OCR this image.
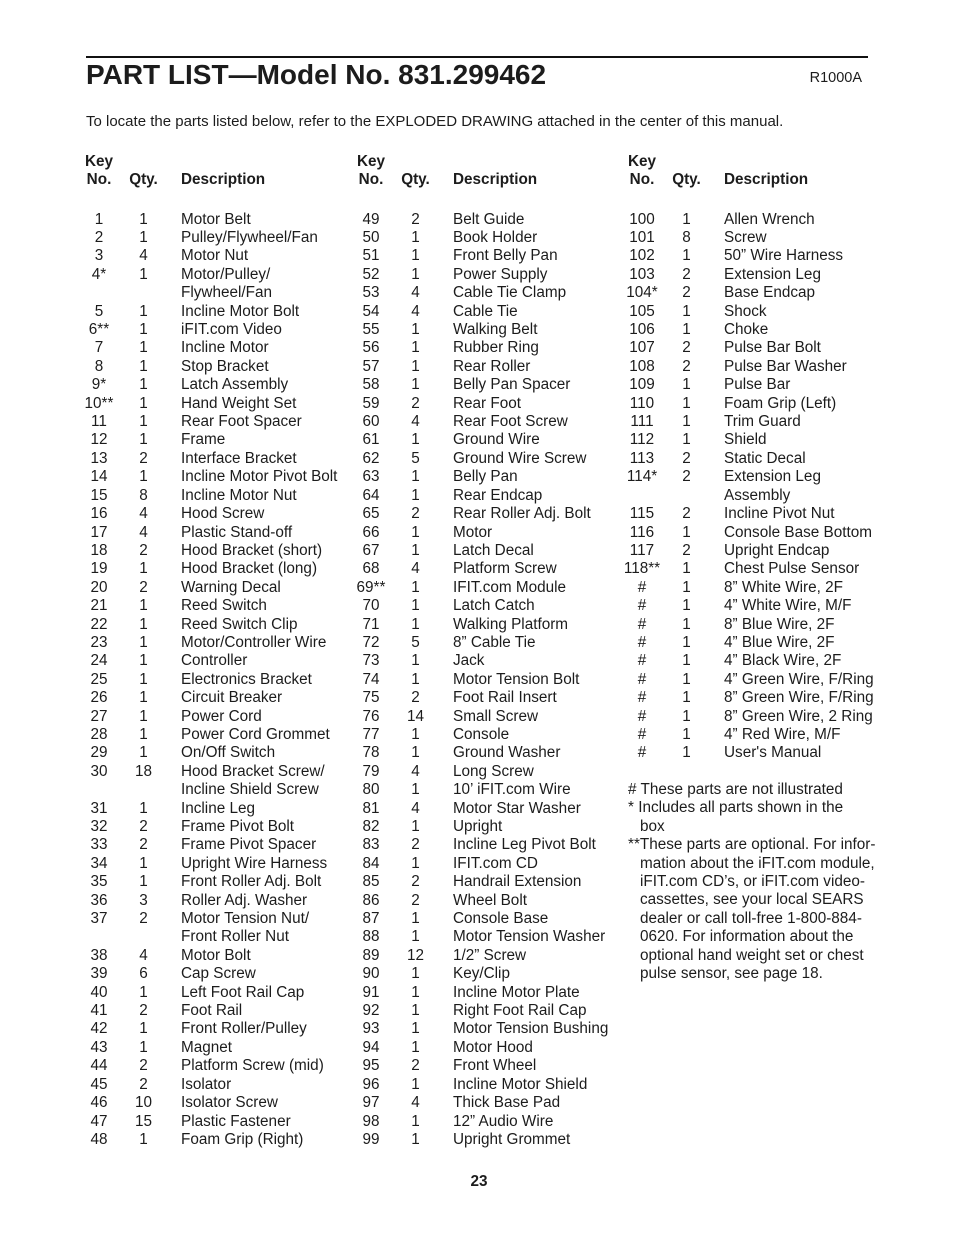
PART LIST—Model No. 831.299462	R1000A
To locate the parts listed below, refer to the EXPLODED DRAWING attached in the center of this manual.
Key
No.	Qty. Description
Key
No.	Qty. Description
Key
No.	Qty. Description
1	1	Motor Belt
2	1	Pulley/Flywheel/Fan
3	4	Motor Nut
4*	1	Motor/Pulley/
Flywheel/Fan
5	1	Incline Motor Bolt
6**	1	iFIT.com Video
7	1	Incline Motor
8	1	Stop Bracket
9*	1	Latch Assembly
10**	1	Hand Weight Set
11	1	Rear Foot Spacer
12	1	Frame
13	2	Interface Bracket
14	1	Incline Motor Pivot Bolt
15	8	Incline Motor Nut
16	4	Hood Screw
17	4	Plastic Stand-off
18	2	Hood Bracket (short)
19	1	Hood Bracket (long)
20	2	Warning Decal
21	1	Reed Switch
22	1	Reed Switch Clip
23	1	Motor/Controller Wire
24	1	Controller
25	1	Electronics Bracket
26	1	Circuit Breaker
27	1	Power Cord
28	1	Power Cord Grommet
29	1	On/Off Switch
30	18	Hood Bracket Screw/
Incline Shield Screw
31	1	Incline Leg
32	2	Frame Pivot Bolt
33	2	Frame Pivot Spacer
34	1	Upright Wire Harness
35	1	Front Roller Adj. Bolt
36	3	Roller Adj. Washer
37	2	Motor Tension Nut/
Front Roller Nut
38	4	Motor Bolt
39	6	Cap Screw
40	1	Left Foot Rail Cap
41	2	Foot Rail
42	1	Front Roller/Pulley
43	1	Magnet
44	2	Platform Screw (mid)
45	2	Isolator
46	10	Isolator Screw
47	15	Plastic Fastener
48	1	Foam Grip (Right)
49	2	Belt Guide
50	1	Book Holder
51	1	Front Belly Pan
52	1	Power Supply
53	4	Cable Tie Clamp
54	4	Cable Tie
55	1	Walking Belt
56	1	Rubber Ring
57	1	Rear Roller
58	1	Belly Pan Spacer
59	2	Rear Foot
60	4	Rear Foot Screw
61	1	Ground Wire
62	5	Ground Wire Screw
63	1	Belly Pan
64	1	Rear Endcap
65	2	Rear Roller Adj. Bolt
66	1	Motor
67	1	Latch Decal
68	4	Platform Screw
69**	1	IFIT.com Module
70	1	Latch Catch
71	1	Walking Platform
72	5	8” Cable Tie
73	1	Jack
74	1	Motor Tension Bolt
75	2	Foot Rail Insert
76	14	Small Screw
77	1	Console
78	1	Ground Washer
79	4	Long Screw
80	1	10’ iFIT.com Wire
81	4	Motor Star Washer
82	1	Upright
83	2	Incline Leg Pivot Bolt
84	1	IFIT.com CD
85	2	Handrail Extension
86	2	Wheel Bolt
87	1	Console Base
88	1	Motor Tension Washer
89	12	1/2” Screw
90	1	Key/Clip
91	1	Incline Motor Plate
92	1	Right Foot Rail Cap
93	1	Motor Tension Bushing
94	1	Motor Hood
95	2	Front Wheel
96	1	Incline Motor Shield
97	4	Thick Base Pad
98	1	12” Audio Wire
99	1	Upright Grommet
100	1	Allen Wrench
101	8	Screw
102	1	50” Wire Harness
103	2	Extension Leg
104*	2	Base Endcap
105	1	Shock
106	1	Choke
107	2	Pulse Bar Bolt
108	2	Pulse Bar Washer
109	1	Pulse Bar
110	1	Foam Grip (Left)
111	1	Trim Guard
112	1	Shield
113	2	Static Decal
114*	2	Extension Leg
Assembly
115	2	Incline Pivot Nut
116	1	Console Base Bottom
117	2	Upright Endcap
118**	1	Chest Pulse Sensor
#	1	8” White Wire, 2F
#	1	4” White Wire, M/F
#	1	8” Blue Wire, 2F
#	1	4” Blue Wire, 2F
#	1	4” Black Wire, 2F
#	1	4” Green Wire, F/Ring
#	1	8” Green Wire, F/Ring
#	1	8” Green Wire, 2 Ring
#	1	4” Red Wire, M/F
#	1	User's Manual
# These parts are not illustrated
* Includes all parts shown in the
box
**These parts are optional. For infor-
mation about the iFIT.com module,
iFIT.com CD’s, or iFIT.com video-
cassettes, see your local SEARS
dealer or call toll-free 1-800-884-
0620. For information about the
optional hand weight set or chest
pulse sensor, see page 18.
23
